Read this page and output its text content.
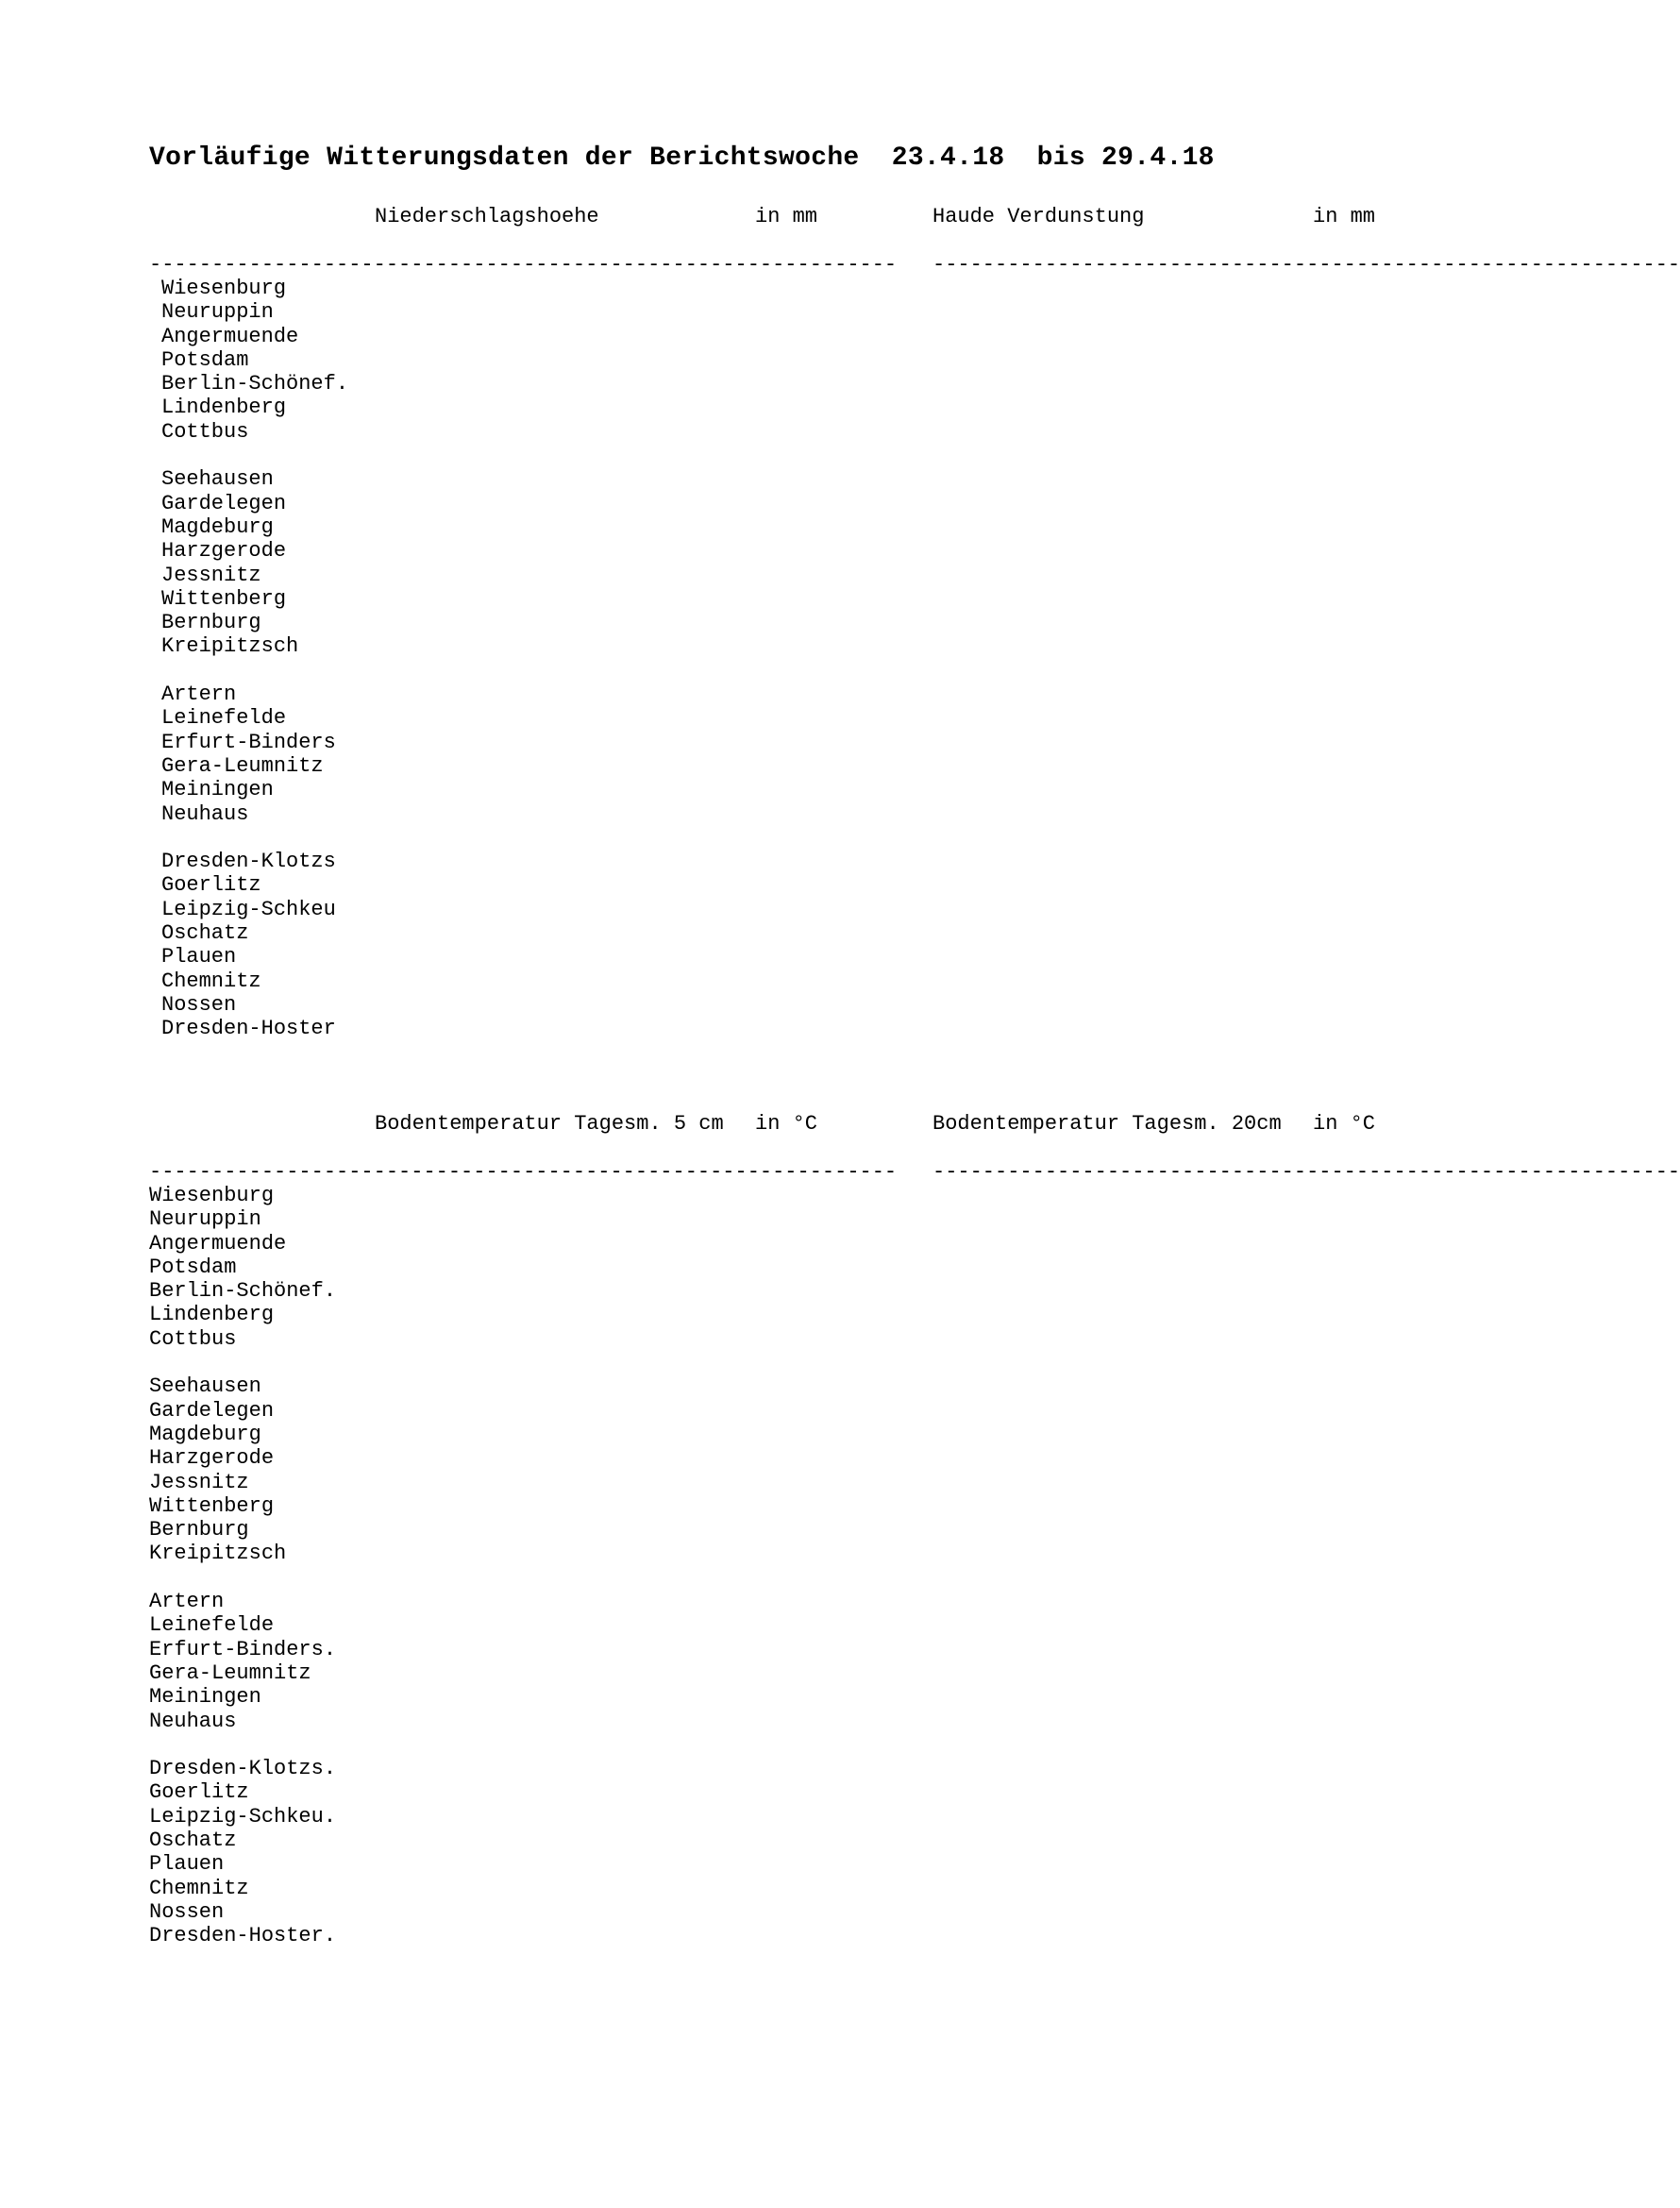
Vorläufige Witterungsdaten der Berichtswoche  23.4.18  bis 29.4.18
Niederschlagshoehe	in mm	Haude Verdunstung	in mm
------------------------------------------------------------ ------------------------------------------------------------
Wiesenburg
Neuruppin
Angermuende
Potsdam
Berlin-Schönef.
Lindenberg
Cottbus
Seehausen
Gardelegen
Magdeburg
Harzgerode
Jessnitz
Wittenberg
Bernburg
Kreipitzsch
Artern
Leinefelde
Erfurt-Binders
Gera-Leumnitz
Meiningen
Neuhaus
Dresden-Klotzs
Goerlitz
Leipzig-Schkeu
Oschatz
Plauen
Chemnitz
Nossen
Dresden-Hoster
Bodentemperatur Tagesm. 5 cm in °C	Bodentemperatur Tagesm. 20cm in °C
------------------------------------------------------------ ------------------------------------------------------------
Wiesenburg
Neuruppin
Angermuende
Potsdam
Berlin-Schönef.
Lindenberg
Cottbus
Seehausen
Gardelegen
Magdeburg
Harzgerode
Jessnitz
Wittenberg
Bernburg
Kreipitzsch
Artern
Leinefelde
Erfurt-Binders.
Gera-Leumnitz
Meiningen
Neuhaus
Dresden-Klotzs.
Goerlitz
Leipzig-Schkeu.
Oschatz
Plauen
Chemnitz
Nossen
Dresden-Hoster.
